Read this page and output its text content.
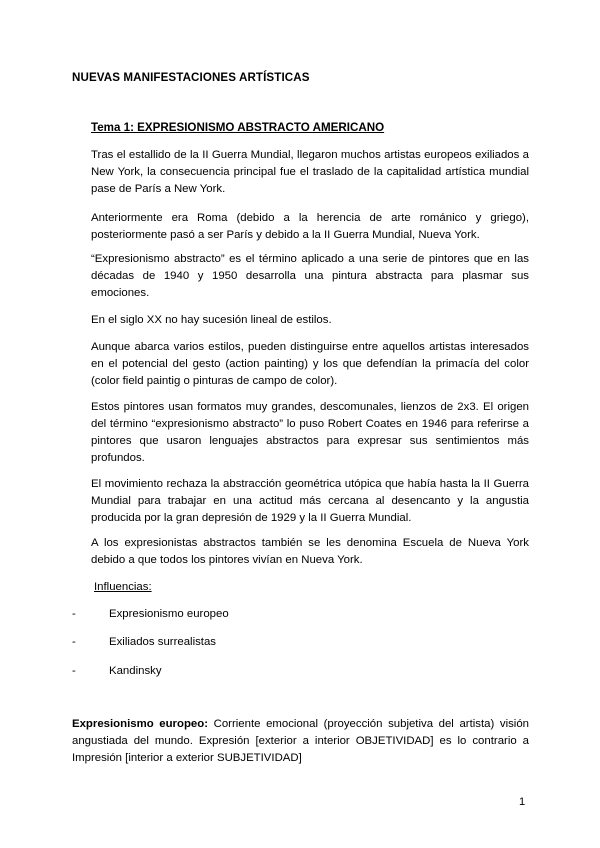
NUEVAS MANIFESTACIONES ARTÍSTICAS
Tema 1: EXPRESIONISMO ABSTRACTO AMERICANO

Tras el estallido de la II Guerra Mundial, llegaron muchos artistas europeos exiliados a New York, la consecuencia principal fue el traslado de la capitalidad artística mundial pase de París a New York.

Anteriormente era Roma (debido a la herencia de arte románico y griego), posteriormente pasó a ser París y debido a la II Guerra Mundial, Nueva York.

“Expresionismo abstracto” es el término aplicado a una serie de pintores que en las décadas de 1940 y 1950 desarrolla una pintura abstracta para plasmar sus emociones.

En el siglo XX no hay sucesión lineal de estilos.

Aunque abarca varios estilos, pueden distinguirse entre aquellos artistas interesados en el potencial del gesto (action painting) y los que defendían la primacía del color (color field paintig o pinturas de campo de color).

Estos pintores usan formatos muy grandes, descomunales, lienzos de 2x3. El origen del término “expresionismo abstracto” lo puso Robert Coates en 1946 para referirse a pintores que usaron lenguajes abstractos para expresar sus sentimientos más profundos.

El movimiento rechaza la abstracción geométrica utópica que había hasta la II Guerra Mundial para trabajar en una actitud más cercana al desencanto y la angustia producida por la gran depresión de 1929 y la II Guerra Mundial.

A los expresionistas abstractos también se les denomina Escuela de Nueva York debido a que todos los pintores vivían en Nueva York.

Influencias:
-	Expresionismo europeo
-	Exiliados surrealistas
-	Kandinsky

Expresionismo europeo: Corriente emocional (proyección subjetiva del artista) visión angustiada del mundo. Expresión [exterior a interior OBJETIVIDAD] es lo contrario a Impresión [interior a exterior SUBJETIVIDAD]

1
